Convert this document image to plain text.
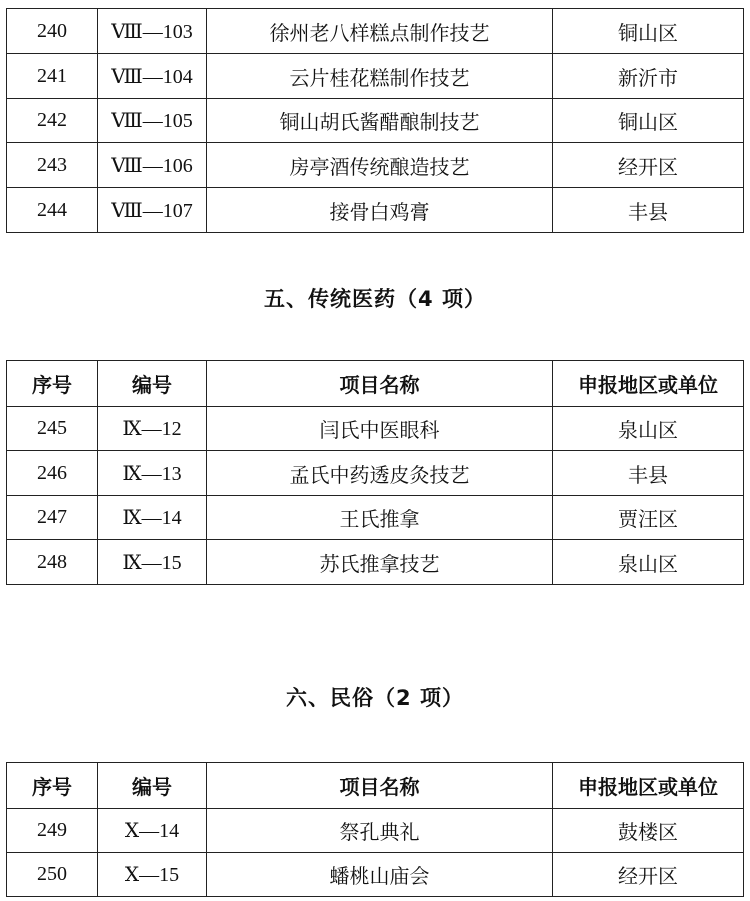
240	Ⅷ—103	徐州老八样糕点制作技艺	铜山区
241	Ⅷ—104	云片桂花糕制作技艺	新沂市
242	Ⅷ—105	铜山胡氏酱醋酿制技艺	铜山区
243	Ⅷ—106	房亭酒传统酿造技艺	经开区
244	Ⅷ—107	接骨白鸡膏	丰县
五、传统医药（4 项）
序号	编号	项目名称	申报地区或单位
245	Ⅸ—12	闫氏中医眼科	泉山区
246	Ⅸ—13	孟氏中药透皮灸技艺	丰县
247	Ⅸ—14	王氏推拿	贾汪区
248	Ⅸ—15	苏氏推拿技艺	泉山区
六、民俗（2 项）
序号	编号	项目名称	申报地区或单位
249	Ⅹ—14	祭孔典礼	鼓楼区
250	Ⅹ—15	蟠桃山庙会	经开区
